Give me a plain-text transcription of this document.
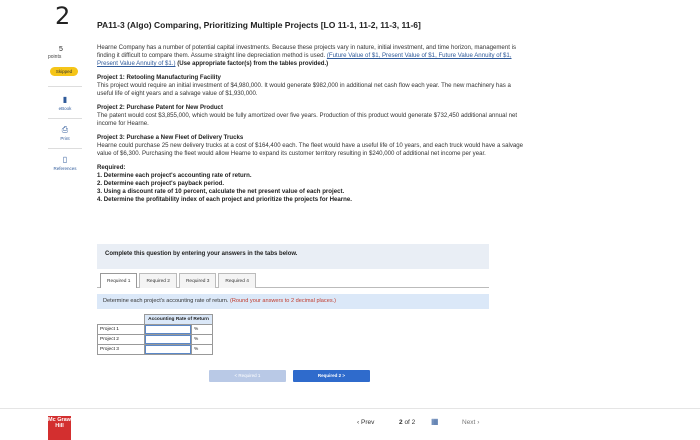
2
5
points
Skipped
▮
eBook
⎙
Print
▯
References
PA11-3 (Algo) Comparing, Prioritizing Multiple Projects [LO 11-1, 11-2, 11-3, 11-6]

Hearne Company has a number of potential capital investments. Because these projects vary in nature, initial investment, and time horizon, management is finding it difficult to compare them. Assume straight line depreciation method is used. (Future Value of $1, Present Value of $1, Future Value Annuity of $1, Present Value Annuity of $1.) (Use appropriate factor(s) from the tables provided.)

Project 1: Retooling Manufacturing Facility
This project would require an initial investment of $4,980,000. It would generate $982,000 in additional net cash flow each year. The new machinery has a useful life of eight years and a salvage value of $1,930,000.

Project 2: Purchase Patent for New Product
The patent would cost $3,855,000, which would be fully amortized over five years. Production of this product would generate $732,450 additional annual net income for Hearne.

Project 3: Purchase a New Fleet of Delivery Trucks
Hearne could purchase 25 new delivery trucks at a cost of $164,400 each. The fleet would have a useful life of 10 years, and each truck would have a salvage value of $6,300. Purchasing the fleet would allow Hearne to expand its customer territory resulting in $240,000 of additional net income per year.

Required:
1. Determine each project's accounting rate of return.
2. Determine each project's payback period.
3. Using a discount rate of 10 percent, calculate the net present value of each project.
4. Determine the profitability index of each project and prioritize the projects for Hearne.

Complete this question by entering your answers in the tabs below.
Required 1	Required 2	Required 3	Required 4
Determine each project's accounting rate of return. (Round your answers to 2 decimal places.)
	Accounting Rate of Return	
Project 1		%
Project 2		%
Project 3		%
< Required 1	Required 2 >
Mc Graw Hill	‹ Prev	2 of 2 ▦	Next ›
